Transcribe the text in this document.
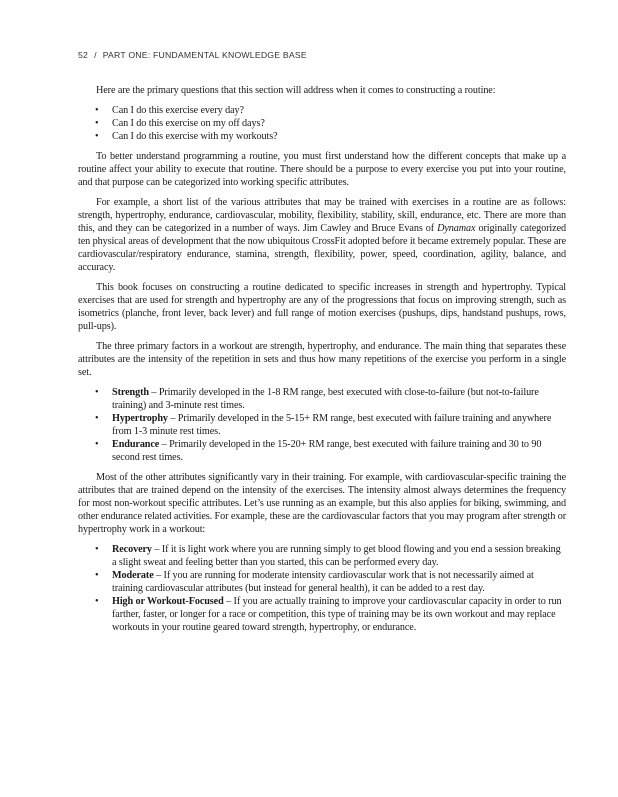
52 / PART ONE: FUNDAMENTAL KNOWLEDGE BASE

Here are the primary questions that this section will address when it comes to constructing a routine:

• Can I do this exercise every day?
• Can I do this exercise on my off days?
• Can I do this exercise with my workouts?

To better understand programming a routine, you must first understand how the different concepts that make up a routine affect your ability to execute that routine. There should be a purpose to every exercise you put into your routine, and that purpose can be categorized into working specific attributes.

For example, a short list of the various attributes that may be trained with exercises in a routine are as follows: strength, hypertrophy, endurance, cardiovascular, mobility, flexibility, stability, skill, endurance, etc. There are more than this, and they can be categorized in a number of ways. Jim Cawley and Bruce Evans of Dynamax originally categorized ten physical areas of development that the now ubiquitous CrossFit adopted before it became extremely popular. These are cardiovascular/respiratory endurance, stamina, strength, flexibility, power, speed, coordination, agility, balance, and accuracy.

This book focuses on constructing a routine dedicated to specific increases in strength and hypertrophy. Typical exercises that are used for strength and hypertrophy are any of the progressions that focus on improving strength, such as isometrics (planche, front lever, back lever) and full range of motion exercises (pushups, dips, handstand pushups, rows, pull-ups).

The three primary factors in a workout are strength, hypertrophy, and endurance. The main thing that separates these attributes are the intensity of the repetition in sets and thus how many repetitions of the exercise you perform in a single set.

• Strength – Primarily developed in the 1-8 RM range, best executed with close-to-failure (but not-to-failure training) and 3-minute rest times.
• Hypertrophy – Primarily developed in the 5-15+ RM range, best executed with failure training and anywhere from 1-3 minute rest times.
• Endurance – Primarily developed in the 15-20+ RM range, best executed with failure training and 30 to 90 second rest times.

Most of the other attributes significantly vary in their training. For example, with cardiovascular-specific training the attributes that are trained depend on the intensity of the exercises. The intensity almost always determines the frequency for most non-workout specific attributes. Let’s use running as an example, but this also applies for biking, swimming, and other endurance related activities. For example, these are the cardiovascular factors that you may program after strength or hypertrophy work in a workout:

• Recovery – If it is light work where you are running simply to get blood flowing and you end a session breaking a slight sweat and feeling better than you started, this can be performed every day.
• Moderate – If you are running for moderate intensity cardiovascular work that is not necessarily aimed at training cardiovascular attributes (but instead for general health), it can be added to a rest day.
• High or Workout-Focused – If you are actually training to improve your cardiovascular capacity in order to run farther, faster, or longer for a race or competition, this type of training may be its own workout and may replace workouts in your routine geared toward strength, hypertrophy, or endurance.
